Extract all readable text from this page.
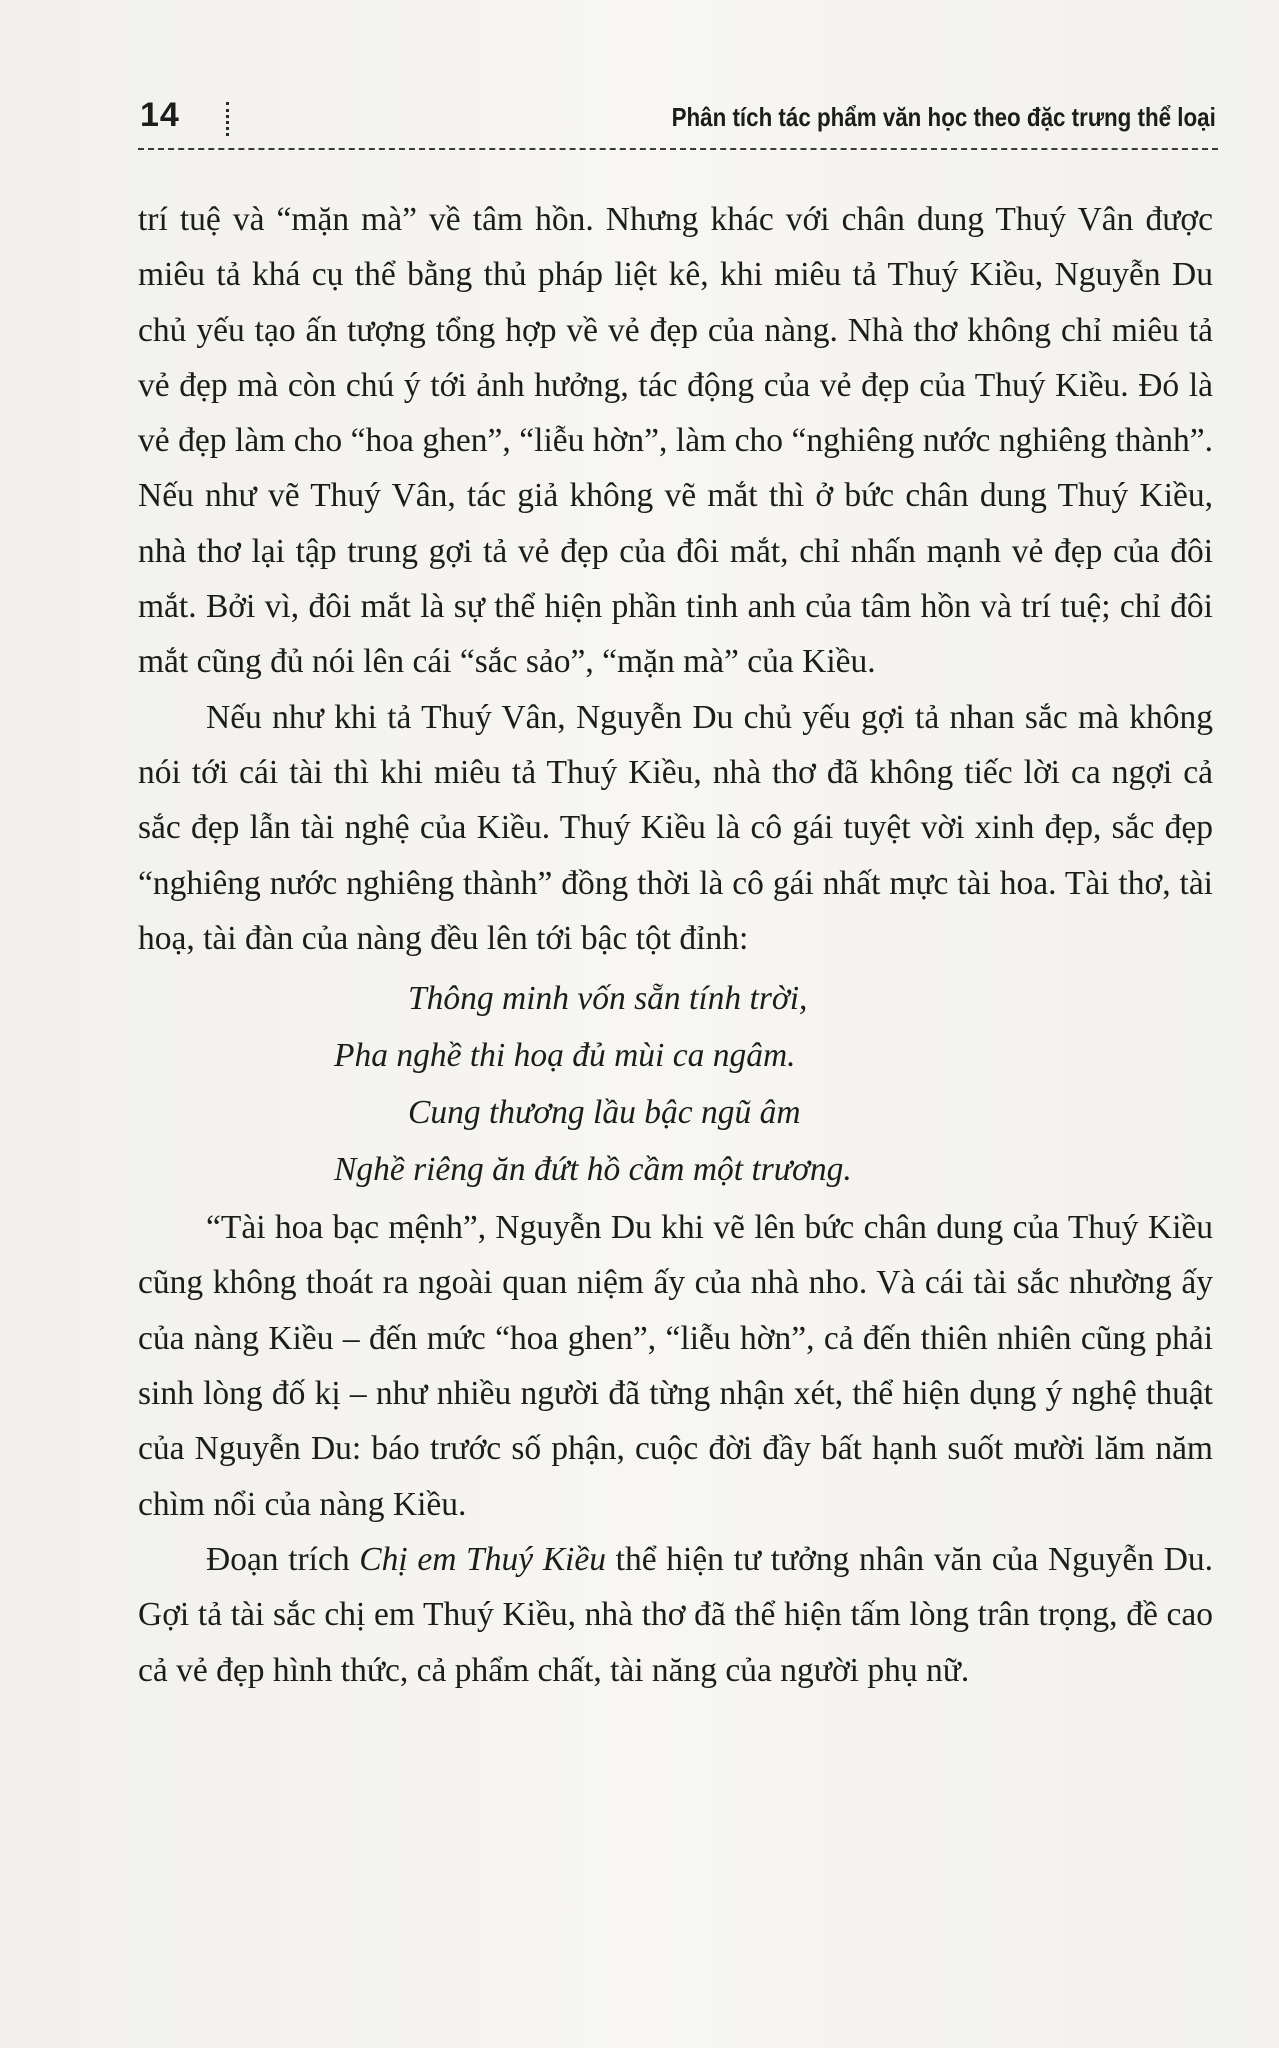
14	Phân tích tác phẩm văn học theo đặc trưng thể loại

trí tuệ và “mặn mà” về tâm hồn. Nhưng khác với chân dung Thuý Vân được miêu tả khá cụ thể bằng thủ pháp liệt kê, khi miêu tả Thuý Kiều, Nguyễn Du chủ yếu tạo ấn tượng tổng hợp về vẻ đẹp của nàng. Nhà thơ không chỉ miêu tả vẻ đẹp mà còn chú ý tới ảnh hưởng, tác động của vẻ đẹp của Thuý Kiều. Đó là vẻ đẹp làm cho “hoa ghen”, “liễu hờn”, làm cho “nghiêng nước nghiêng thành”. Nếu như vẽ Thuý Vân, tác giả không vẽ mắt thì ở bức chân dung Thuý Kiều, nhà thơ lại tập trung gợi tả vẻ đẹp của đôi mắt, chỉ nhấn mạnh vẻ đẹp của đôi mắt. Bởi vì, đôi mắt là sự thể hiện phần tinh anh của tâm hồn và trí tuệ; chỉ đôi mắt cũng đủ nói lên cái “sắc sảo”, “mặn mà” của Kiều.

Nếu như khi tả Thuý Vân, Nguyễn Du chủ yếu gợi tả nhan sắc mà không nói tới cái tài thì khi miêu tả Thuý Kiều, nhà thơ đã không tiếc lời ca ngợi cả sắc đẹp lẫn tài nghệ của Kiều. Thuý Kiều là cô gái tuyệt vời xinh đẹp, sắc đẹp “nghiêng nước nghiêng thành” đồng thời là cô gái nhất mực tài hoa. Tài thơ, tài hoạ, tài đàn của nàng đều lên tới bậc tột đỉnh:

Thông minh vốn sẵn tính trời,
Pha nghề thi hoạ đủ mùi ca ngâm.
Cung thương lầu bậc ngũ âm
Nghề riêng ăn đứt hồ cầm một trương.

“Tài hoa bạc mệnh”, Nguyễn Du khi vẽ lên bức chân dung của Thuý Kiều cũng không thoát ra ngoài quan niệm ấy của nhà nho. Và cái tài sắc nhường ấy của nàng Kiều – đến mức “hoa ghen”, “liễu hờn”, cả đến thiên nhiên cũng phải sinh lòng đố kị – như nhiều người đã từng nhận xét, thể hiện dụng ý nghệ thuật của Nguyễn Du: báo trước số phận, cuộc đời đầy bất hạnh suốt mười lăm năm chìm nổi của nàng Kiều.

Đoạn trích Chị em Thuý Kiều thể hiện tư tưởng nhân văn của Nguyễn Du. Gợi tả tài sắc chị em Thuý Kiều, nhà thơ đã thể hiện tấm lòng trân trọng, đề cao cả vẻ đẹp hình thức, cả phẩm chất, tài năng của người phụ nữ.
